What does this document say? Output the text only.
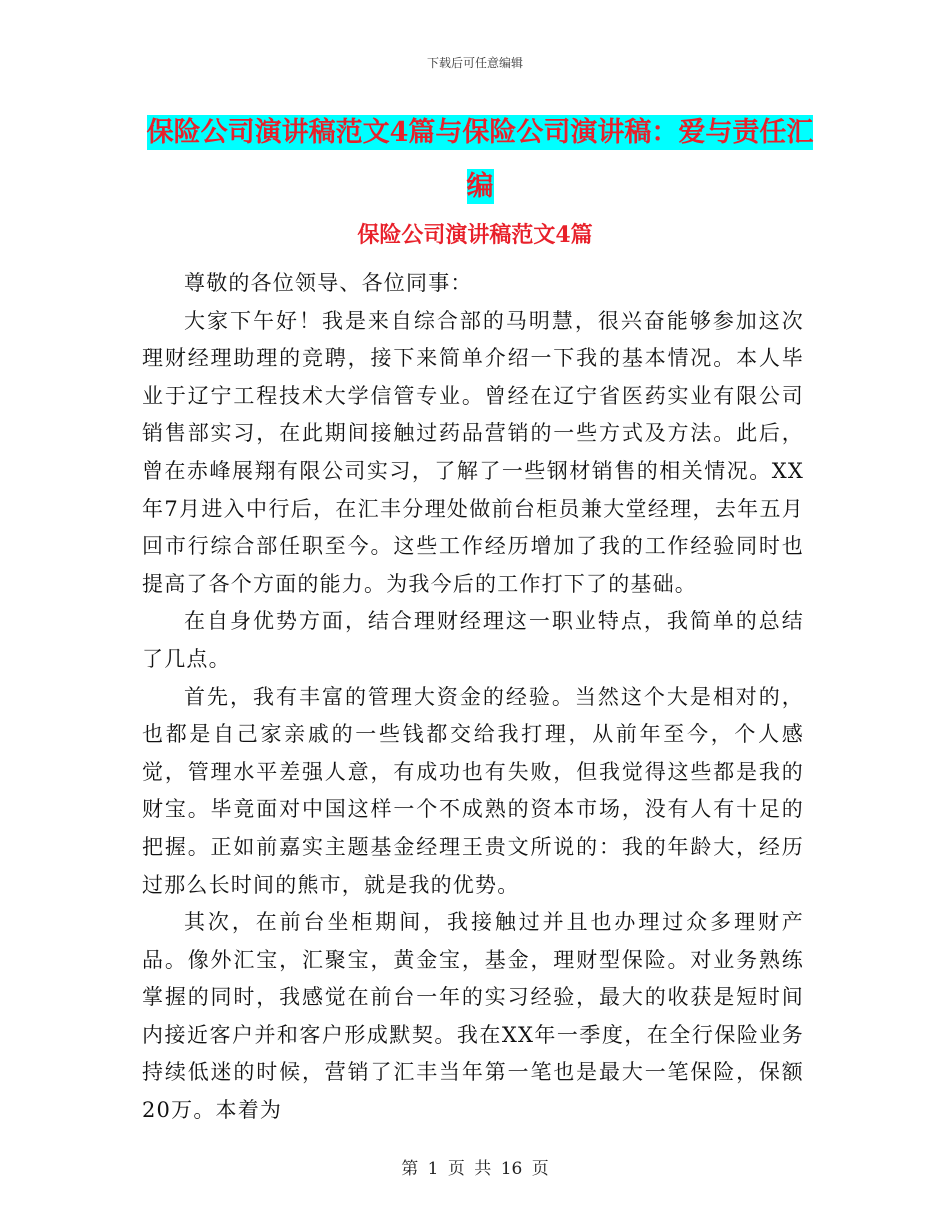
下载后可任意编辑
保险公司演讲稿范文4篇与保险公司演讲稿：爱与责任汇编
保险公司演讲稿范文4篇

尊敬的各位领导、各位同事：

大家下午好！我是来自综合部的马明慧，很兴奋能够参加这次理财经理助理的竞聘，接下来简单介绍一下我的基本情况。本人毕业于辽宁工程技术大学信管专业。曾经在辽宁省医药实业有限公司销售部实习，在此期间接触过药品营销的一些方式及方法。此后，曾在赤峰展翔有限公司实习，了解了一些钢材销售的相关情况。XX年7月进入中行后，在汇丰分理处做前台柜员兼大堂经理，去年五月回市行综合部任职至今。这些工作经历增加了我的工作经验同时也提高了各个方面的能力。为我今后的工作打下了的基础。

在自身优势方面，结合理财经理这一职业特点，我简单的总结了几点。

首先，我有丰富的管理大资金的经验。当然这个大是相对的，也都是自己家亲戚的一些钱都交给我打理，从前年至今，个人感觉，管理水平差强人意，有成功也有失败，但我觉得这些都是我的财宝。毕竟面对中国这样一个不成熟的资本市场，没有人有十足的把握。正如前嘉实主题基金经理王贵文所说的：我的年龄大，经历过那么长时间的熊市，就是我的优势。

其次，在前台坐柜期间，我接触过并且也办理过众多理财产品。像外汇宝，汇聚宝，黄金宝，基金，理财型保险。对业务熟练掌握的同时，我感觉在前台一年的实习经验，最大的收获是短时间内接近客户并和客户形成默契。我在XX年一季度，在全行保险业务持续低迷的时候，营销了汇丰当年第一笔也是最大一笔保险，保额20万。本着为

第 1 页 共 16 页
